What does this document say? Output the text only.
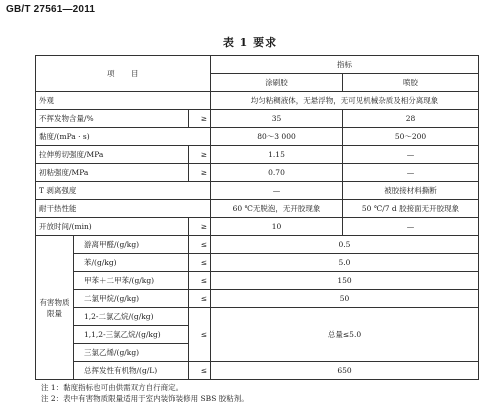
GB/T 27561—2011
表 1 要求
项　　目			指标	
			涂刷胶	喷胶
外观			均匀粘稠液体，无悬浮物，无可见机械杂质及相分离现象	
不挥发物含量/%		≥	35	28
黏度/(mPa · s)			80～3 000	50～200
拉伸剪切强度/MPa		≥	1.15	—
初粘强度/MPa		≥	0.70	—
T 剥离强度			—	被胶接材料撕断
耐干热性能			60 ℃无脱泡，无开胶现象	50 ℃/7 d 胶接面无开胶现象
开放时间/(min)		≥	10	—
有害物质限量	游离甲醛/(g/kg)	≤	0.5	
	苯/(g/kg)	≤	5.0	
	甲苯＋二甲苯/(g/kg)	≤	150	
	二氯甲烷/(g/kg)	≤	50	
	1,2-二氯乙烷/(g/kg)	≤	总量≤5.0	
	1,1,2-三氯乙烷/(g/kg)			
	三氯乙烯/(g/kg)			
	总挥发性有机物/(g/L)	≤	650	
注 1：黏度指标也可由供需双方自行商定。
注 2：表中有害物质限量适用于室内装饰装修用 SBS 胶粘剂。
